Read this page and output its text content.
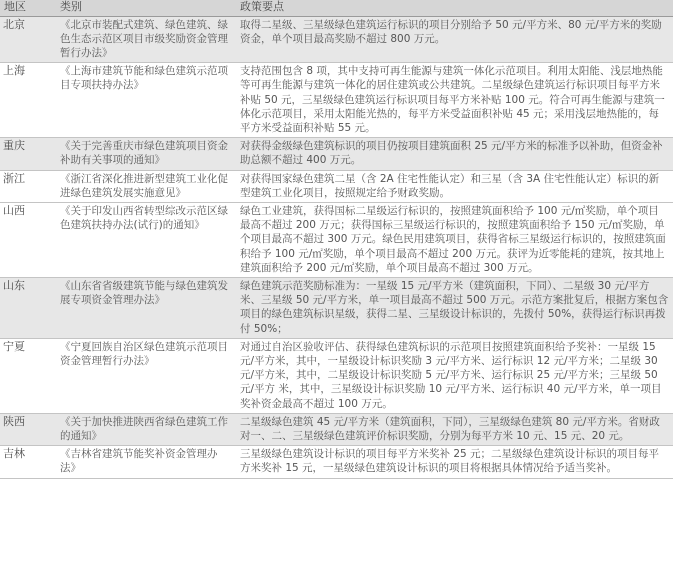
地区	类别	政策要点
北京	《北京市装配式建筑、绿色建筑、绿色生态示范区项目市级奖励资金管理暂行办法》	取得二星级、三星级绿色建筑运行标识的项目分别给予 50 元/平方米、80 元/平方米的奖励资金，单个项目最高奖励不超过 800 万元。
上海	《上海市建筑节能和绿色建筑示范项目专项扶持办法》	支持范围包含 8 项，其中支持可再生能源与建筑一体化示范项目。利用太阳能、浅层地热能等可再生能源与建筑一体化的居住建筑或公共建筑。二星级绿色建筑运行标识项目每平方米补贴 50 元，三星级绿色建筑运行标识项目每平方米补贴 100 元。符合可再生能源与建筑一体化示范项目，采用太阳能光热的，每平方米受益面积补贴 45 元；采用浅层地热能的，每平方米受益面积补贴 55 元。
重庆	《关于完善重庆市绿色建筑项目资金补助有关事项的通知》	对获得金级绿色建筑标识的项目仍按项目建筑面积 25 元/平方米的标准予以补助，但资金补助总额不超过 400 万元。
浙江	《浙江省深化推进新型建筑工业化促进绿色建筑发展实施意见》	对获得国家绿色建筑二星（含 2A 住宅性能认定）和三星（含 3A 住宅性能认定）标识的新型建筑工业化项目，按照规定给予财政奖励。
山西	《关于印发山西省转型综改示范区绿色建筑扶持办法(试行)的通知》	绿色工业建筑，获得国标二星级运行标识的，按照建筑面积给予 100 元/㎡奖励，单个项目最高不超过 200 万元；获得国标三星级运行标识的，按照建筑面积给予 150 元/㎡奖励，单个项目最高不超过 300 万元。绿色民用建筑项目，获得省标三星级运行标识的，按照建筑面积给予 100 元/㎡奖励，单个项目最高不超过 200 万元。获评为近零能耗的建筑，按其地上建筑面积给予 200 元/㎡奖励，单个项目最高不超过 300 万元。
山东	《山东省省级建筑节能与绿色建筑发展专项资金管理办法》	绿色建筑示范奖励标准为：一星级 15 元/平方米（建筑面积，下同）、二星级 30 元/平方米、三星级 50 元/平方米，单一项目最高不超过 500 万元。示范方案批复后，根据方案包含项目的绿色建筑标识星级，获得二星、三星级设计标识的，先拨付 50%，获得运行标识再拨付 50%；
宁夏	《宁夏回族自治区绿色建筑示范项目资金管理暂行办法》	对通过自治区验收评估、获得绿色建筑标识的示范项目按照建筑面积给予奖补：一星级 15 元/平方米，其中，一星级设计标识奖励 3 元/平方米、运行标识 12 元/平方米；二星级 30 元/平方米，其中，二星级设计标识奖励 5 元/平方米、运行标识 25 元/平方米；三星级 50 元/平方 米，其中，三星级设计标识奖励 10 元/平方米、运行标识 40 元/平方米，单一项目奖补资金最高不超过 100 万元。
陕西	《关于加快推进陕西省绿色建筑工作的通知》	二星级绿色建筑 45 元/平方米（建筑面积，下同），三星级绿色建筑 80 元/平方米。省财政对一、二、三星级绿色建筑评价标识奖励，分别为每平方米 10 元、15 元、20 元。
吉林	《吉林省建筑节能奖补资金管理办法》	三星级绿色建筑设计标识的项目每平方米奖补 25 元；二星级绿色建筑设计标识的项目每平方米奖补 15 元，一星级绿色建筑设计标识的项目将根据具体情况给予适当奖补。
